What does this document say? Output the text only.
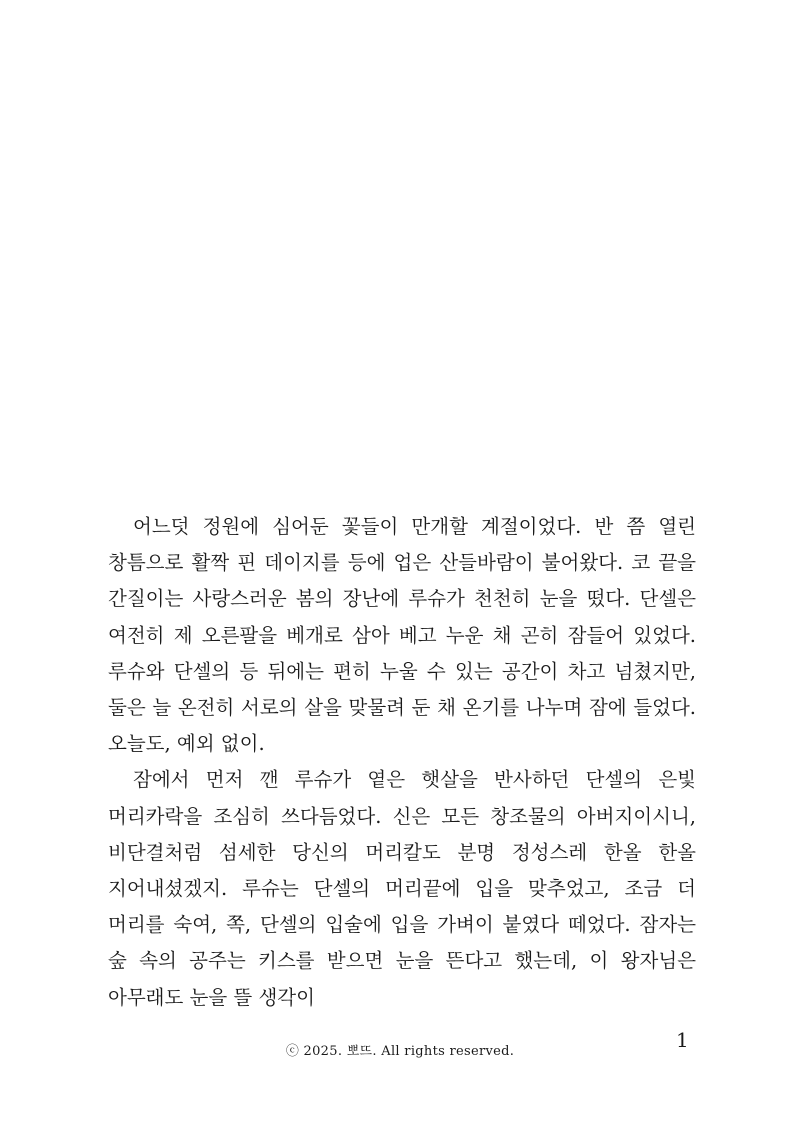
어느덧 정원에 심어둔 꽃들이 만개할 계절이었다. 반 쯤 열린 창틈으로 활짝 핀 데이지를 등에 업은 산들바람이 불어왔다. 코 끝을 간질이는 사랑스러운 봄의 장난에 루슈가 천천히 눈을 떴다. 단셀은 여전히 제 오른팔을 베개로 삼아 베고 누운 채 곤히 잠들어 있었다. 루슈와 단셀의 등 뒤에는 편히 누울 수 있는 공간이 차고 넘쳤지만, 둘은 늘 온전히 서로의 살을 맞물려 둔 채 온기를 나누며 잠에 들었다. 오늘도, 예외 없이.

잠에서 먼저 깬 루슈가 옅은 햇살을 반사하던 단셀의 은빛 머리카락을 조심히 쓰다듬었다. 신은 모든 창조물의 아버지이시니, 비단결처럼 섬세한 당신의 머리칼도 분명 정성스레 한올 한올 지어내셨겠지. 루슈는 단셀의 머리끝에 입을 맞추었고, 조금 더 머리를 숙여, 쪽, 단셀의 입술에 입을 가벼이 붙였다 떼었다. 잠자는 숲 속의 공주는 키스를 받으면 눈을 뜬다고 했는데, 이 왕자님은 아무래도 눈을 뜰 생각이

ⓒ 2025. 뽀뜨. All rights reserved.	1
